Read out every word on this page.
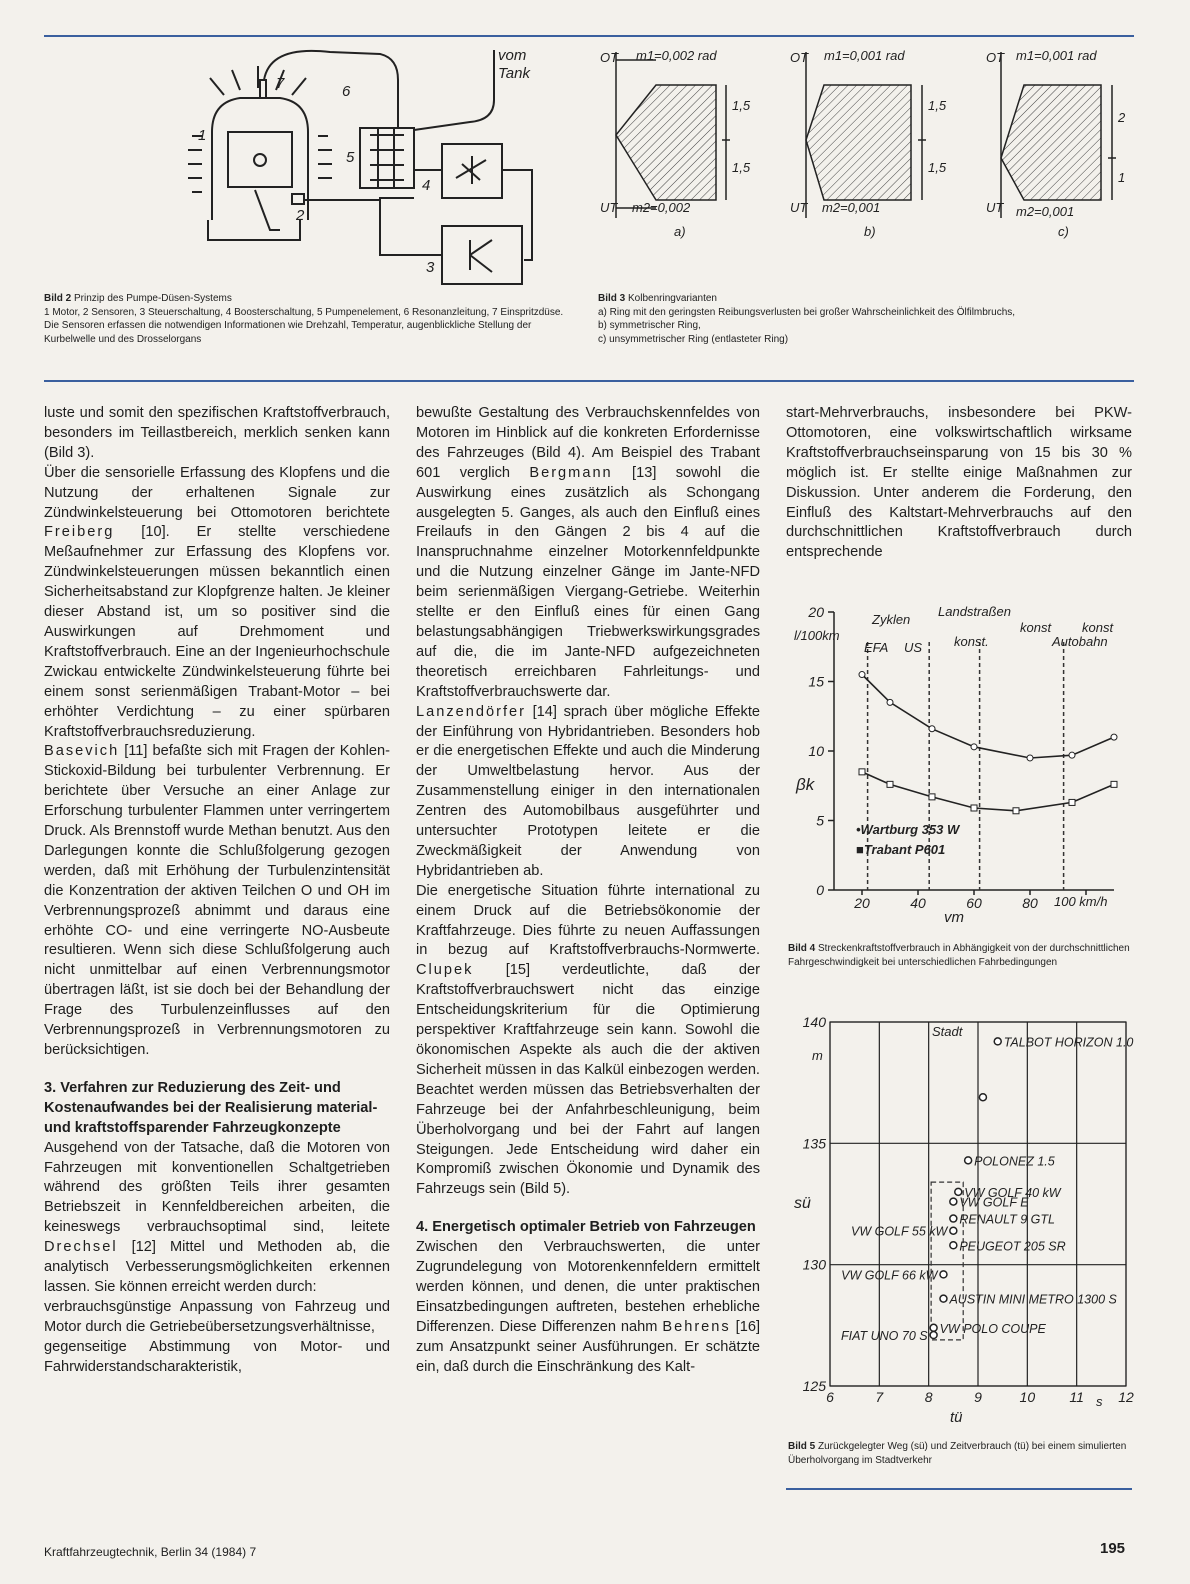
vom
Tank
1
2
3
4
5
6
7
Bild 2 Prinzip des Pumpe-Düsen-Systems
1 Motor, 2 Sensoren, 3 Steuerschaltung, 4 Boosterschaltung, 5 Pumpenelement, 6 Resonanzleitung, 7 Einspritzdüse. Die Sensoren erfassen die notwendigen Informationen wie Drehzahl, Temperatur, augenblickliche Stellung der Kurbelwelle und des Drosselorgans
OT
UT
m1=0,002 rad
m2=0,002
1,5
1,5
a)
OT
UT
m1=0,001 rad
m2=0,001
1,5
1,5
b)
OT
UT
m1=0,001 rad
m2=0,001
2
1
c)
Bild 3 Kolbenringvarianten
a) Ring mit den geringsten Reibungsverlusten bei großer Wahrscheinlichkeit des Ölfilmbruchs,
b) symmetrischer Ring,
c) unsymmetrischer Ring (entlasteter Ring)

luste und somit den spezifischen Kraftstoffverbrauch, besonders im Teillastbereich, merklich senken kann (Bild 3).

Über die sensorielle Erfassung des Klopfens und die Nutzung der erhaltenen Signale zur Zündwinkelsteuerung bei Ottomotoren berichtete Freiberg [10]. Er stellte verschiedene Meßaufnehmer zur Erfassung des Klopfens vor. Zündwinkelsteuerungen müssen bekanntlich einen Sicherheitsabstand zur Klopfgrenze halten. Je kleiner dieser Abstand ist, um so positiver sind die Auswirkungen auf Drehmoment und Kraftstoffverbrauch. Eine an der Ingenieurhochschule Zwickau entwickelte Zündwinkelsteuerung führte bei einem sonst serienmäßigen Trabant-Motor – bei erhöhter Verdichtung – zu einer spürbaren Kraftstoffverbrauchsreduzierung.

Basevich [11] befaßte sich mit Fragen der Kohlen-Stickoxid-Bildung bei turbulenter Verbrennung. Er berichtete über Versuche an einer Anlage zur Erforschung turbulenter Flammen unter verringertem Druck. Als Brennstoff wurde Methan benutzt. Aus den Darlegungen konnte die Schlußfolgerung gezogen werden, daß mit Erhöhung der Turbulenzintensität die Konzentration der aktiven Teilchen O und OH im Verbrennungsprozeß abnimmt und daraus eine erhöhte CO- und eine verringerte NO-Ausbeute resultieren. Wenn sich diese Schlußfolgerung auch nicht unmittelbar auf einen Verbrennungsmotor übertragen läßt, ist sie doch bei der Behandlung der Frage des Turbulenzeinflusses auf den Verbrennungsprozeß in Verbrennungsmotoren zu berücksichtigen.

3. Verfahren zur Reduzierung des Zeit- und Kostenaufwandes bei der Realisierung material- und kraftstoffsparender Fahrzeugkonzepte

Ausgehend von der Tatsache, daß die Motoren von Fahrzeugen mit konventionellen Schaltgetrieben während des größten Teils ihrer gesamten Betriebszeit in Kennfeldbereichen arbeiten, die keineswegs verbrauchsoptimal sind, leitete Drechsel [12] Mittel und Methoden ab, die analytisch Verbesserungsmöglichkeiten erkennen lassen. Sie können erreicht werden durch:

verbrauchsgünstige Anpassung von Fahrzeug und Motor durch die Getriebeübersetzungsverhältnisse,

gegenseitige Abstimmung von Motor- und Fahrwiderstandscharakteristik,

bewußte Gestaltung des Verbrauchskennfeldes von Motoren im Hinblick auf die konkreten Erfordernisse des Fahrzeuges (Bild 4). Am Beispiel des Trabant 601 verglich Bergmann [13] sowohl die Auswirkung eines zusätzlich als Schongang ausgelegten 5. Ganges, als auch den Einfluß eines Freilaufs in den Gängen 2 bis 4 auf die Inanspruchnahme einzelner Motorkennfeldpunkte und die Nutzung einzelner Gänge im Jante-NFD beim serienmäßigen Viergang-Getriebe. Weiterhin stellte er den Einfluß eines für einen Gang belastungsabhängigen Triebwerkswirkungsgrades auf die, die im Jante-NFD aufgezeichneten theoretisch erreichbaren Fahrleitungs- und Kraftstoffverbrauchswerte dar.

Lanzendörfer [14] sprach über mögliche Effekte der Einführung von Hybridantrieben. Besonders hob er die energetischen Effekte und auch die Minderung der Umweltbelastung hervor. Aus der Zusammenstellung einiger in den internationalen Zentren des Automobilbaus ausgeführter und untersuchter Prototypen leitete er die Zweckmäßigkeit der Anwendung von Hybridantrieben ab.

Die energetische Situation führte international zu einem Druck auf die Betriebsökonomie der Kraftfahrzeuge. Dies führte zu neuen Auffassungen in bezug auf Kraftstoffverbrauchs-Normwerte. Clupek [15] verdeutlichte, daß der Kraftstoffverbrauchswert nicht das einzige Entscheidungskriterium für die Optimierung perspektiver Kraftfahrzeuge sein kann. Sowohl die ökonomischen Aspekte als auch die der aktiven Sicherheit müssen in das Kalkül einbezogen werden. Beachtet werden müssen das Betriebsverhalten der Fahrzeuge bei der Anfahrbeschleunigung, beim Überholvorgang und bei der Fahrt auf langen Steigungen. Jede Entscheidung wird daher ein Kompromiß zwischen Ökonomie und Dynamik des Fahrzeugs sein (Bild 5).

4. Energetisch optimaler Betrieb von Fahrzeugen

Zwischen den Verbrauchswerten, die unter Zugrundelegung von Motorenkennfeldern ermittelt werden können, und denen, die unter praktischen Einsatzbedingungen auftreten, bestehen erhebliche Differenzen. Diese Differenzen nahm Behrens [16] zum Ansatzpunkt seiner Ausführungen. Er schätzte ein, daß durch die Einschränkung des Kalt-

start-Mehrverbrauchs, insbesondere bei PKW-Ottomotoren, eine volkswirtschaftlich wirksame Kraftstoffverbrauchseinsparung von 15 bis 30 % möglich ist. Er stellte einige Maßnahmen zur Diskussion. Unter anderem die Forderung, den Einfluß des Kaltstart-Mehrverbrauchs auf den durchschnittlichen Kraftstoffverbrauch durch entsprechende

0
5
10
15
20
20	40	60	80
l/100km
βk
vm
100 km/h
Zyklen
EFA US
Landstraßen
konst.
konst konst
Autobahn
•Wartburg 353 W
■Trabant P601
Bild 4 Streckenkraftstoffverbrauch in Abhängigkeit von der durchschnittlichen Fahrgeschwindigkeit bei unterschiedlichen Fahrbedingungen
6	7	8	9	10 11 12
125
130
135
140
TALBOT HORIZON 1.0
POLONEZ 1.5
VW GOLF 40 kW
VW GOLF E
RENAULT 9 GTL
VW GOLF 55 kW
PEUGEOT 205 SR
VW GOLF 66 kW
AUSTIN MINI METRO 1300 S
VW POLO COUPE
FIAT UNO 70 S
m
sü
tü
s
Stadt
Bild 5 Zurückgelegter Weg (sü) und Zeitverbrauch (tü) bei einem simulierten Überholvorgang im Stadtverkehr
Kraftfahrzeugtechnik, Berlin 34 (1984) 7	195
